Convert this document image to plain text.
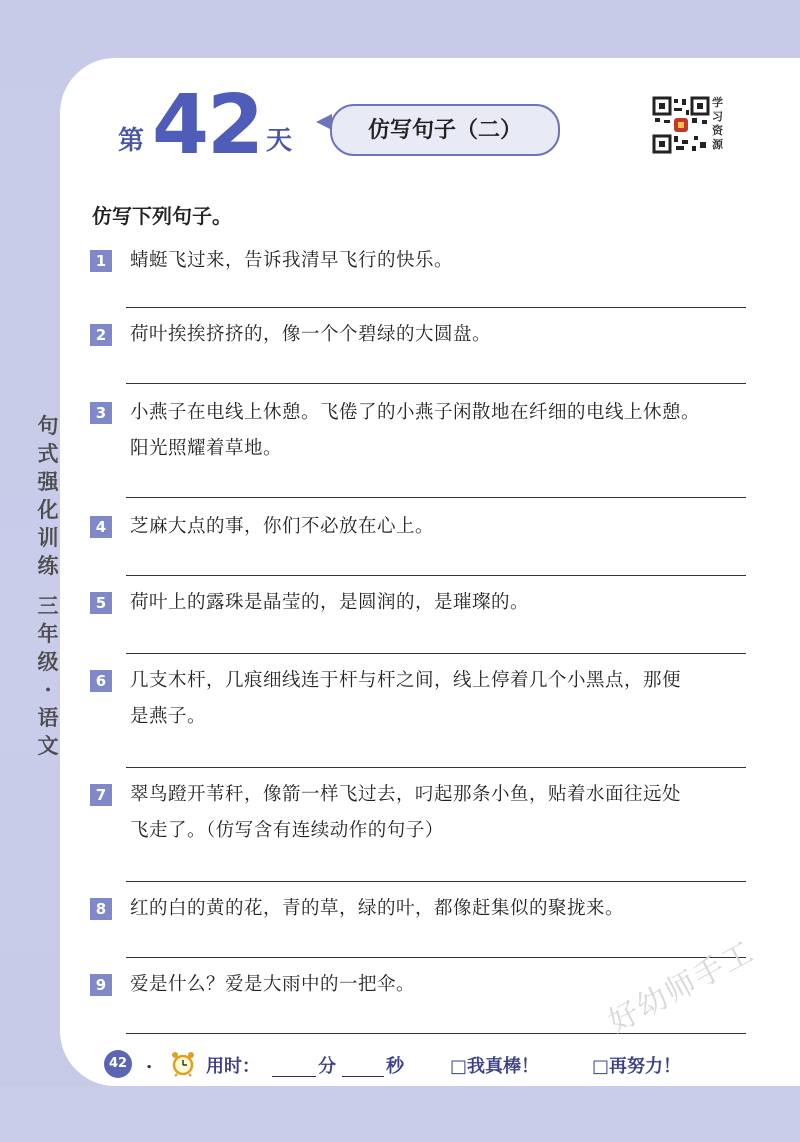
句
式
强
化
训
练
三
年
级
·
语
文
第 42 天	仿写句子（二）
学习资源
仿写下列句子。
1	蜻蜓飞过来，告诉我清早飞行的快乐。
2	荷叶挨挨挤挤的，像一个个碧绿的大圆盘。
3	小燕子在电线上休憩。飞倦了的小燕子闲散地在纤细的电线上休憩。
阳光照耀着草地。
4	芝麻大点的事，你们不必放在心上。
5	荷叶上的露珠是晶莹的，是圆润的，是璀璨的。
6	几支木杆，几痕细线连于杆与杆之间，线上停着几个小黑点，那便
是燕子。
7	翠鸟蹬开苇秆，像箭一样飞过去，叼起那条小鱼，贴着水面往远处
飞走了。（仿写含有连续动作的句子）
8	红的白的黄的花，青的草，绿的叶，都像赶集似的聚拢来。
9	爱是什么？爱是大雨中的一把伞。	好幼师手工
42 .	用时：	分	秒	□我真棒！	□再努力！
